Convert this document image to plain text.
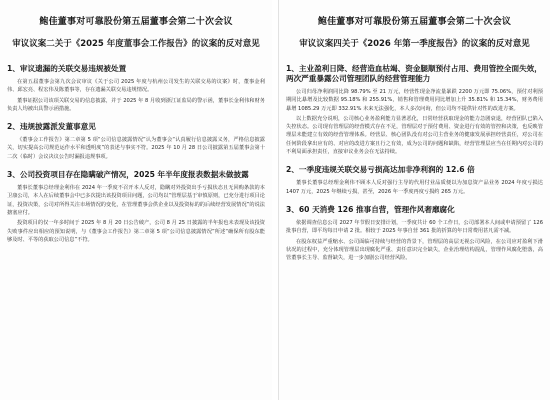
鲍佳董事对可靠股份第五届董事会第二十次会议
审议议案二关于《2025 年度董事会工作报告》的议案的反对意见
1、审议遗漏的关联交易违规被处置

在第五届董事会第九次会议审议《关于公司 2025 年度与杭州公司发生的关联交易的议案》时，董事金利伟、邱宏亮、程宏伟及陈董事等，存在遗漏关联交易违规情况。

董事证据公司该项关联交易的信息披露，并于 2025 年 8 月收到浙江证监局的警示函，董事长金利伟和财务负责人均被出具警示函措施。

2、违规披露派发董事意见

《董事会工作报告》第二章第 5 项“公司信息披露情况”认为董事会“认真履行信息披露义务，严格信息披露关，切实提高公司规范运作水平和透明度”的表述与事实不符。2025 年 10 月 28 日公司披露第五届董事会第十二次（临时）会议决议公告时漏报违规事项。

3、公司投资项目存在隐瞒破产情况，2025 年半年度报表数据未做披露

董事长董事总经理金利伟在 2024 年一季度不召开本人反对，隐瞒对外投资出手亏损状态且无回购条款的本卫康公司，本人在后续董事会中已多次提出该投资项目问题，公司均以“管理层基于审慎原则，已充分进行项目论证，投资决策，公司对所得关注市场情况的变化，在管理董事会供企业以及投资标的的后续经营发展情况”的说法搪塞应付。

投资项目的仅一年多时间于 2025 年 8 月 20 日公告破产，公司 8 月 25 日披露的半年报也未表现及该投资失败事件应出相应的预知说明，与《董事会工作报告》第二章第 5 项“公司信息披露情况”所述“确保所有股东能够及时、平等的获取公司信息”不符。

鲍佳董事对可靠股份第五届董事会第二十次会议
审议议案四关于《2026 年第一季度报告》的议案的反对意见
1、主业盈利日降、经营造血枯竭、资金腿顺预付占用、费用管控全面失效，两次严重暴露公司管理团队的经营管理能力

公司归母净利润同比降 98.79% 至 21 万元，经营性现金净流量暴跌 2200 万元即 75.06%，预付对利预期同比暴增及比较数据 95.18% 和 255.91%，销售和管理费用同比增加上升 35.81% 和 15.34%，财务费用暴增 1085.29 万元即 332.91% 未来无法强化，本人多次问询，但公司均不提供针对性的改进方案。

以上数据充分说明，公司核心业务盈利能力显著恶化，日常经营获取现金的能力急剧衰退，经营团队已陷入失控状态。公司现有管理层的经营模式存在不足，管理层对于预付费用、资金进行有效的管控和决策，也反映管理层未能建立有效的经营管理体系。经营层、核心团队没有对公司主营业务的健康发展承担经营责任，对公司在任何阶段拿出应有的、对应的改进方案且行之有效，成为公司的问题和缺陷，经营管理层应当在任期内对公司的不利局面承担责任，直接审议业务会在无法持续。

2、一季度违规关联交易亏损高达加非净利润的 12.6 倍

董事长董事总经理金利伟不顾本人反对强行主导的代用付业品质便以为加息资产品业务 2024 年度亏损达 1407 万元，2025 年继续亏损，甚至，2026 年一季度再度亏损约 265 万元。

3、60 天消费 126 推事自营，管理作风奢靡腐化

依据调查信息公司 2027 年节假日安排计划，一季度共计 60 个工作日，公司部署本人间或申请预留了 126 批事自营，即平均每日申请 2 批。相较于 2025 年事自营 361 批的折算的年日常费用甚凡需不减。

在股东权益严重缩水、公司面临可持续与经营的背景下，管理层的高层无视公司风险，在公司应对盈利下滑状况的过程中，充分体现管理层出现腐化严重、责任意识完全缺失，企业治理结构混乱，管理作风腐化堕落，高管董事长主导、监督缺失，进一步加剧公司经营风险。
